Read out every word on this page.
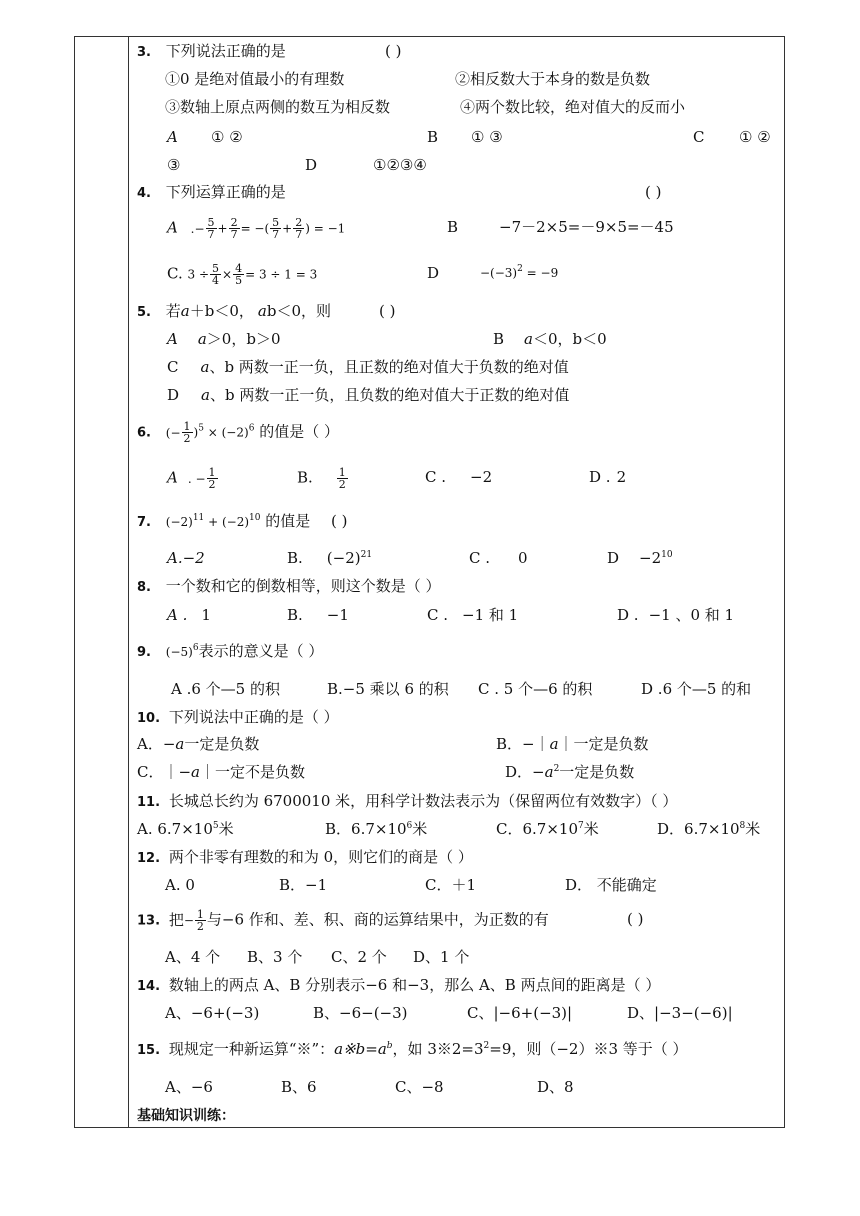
3. 下列说法正确的是	( )
①0 是绝对值最小的有理数	②相反数大于本身的数是负数
③数轴上原点两侧的数互为相反数	④两个数比较，绝对值大的反而小
A ① ②	B ① ③	C ① ②
③	D	①②③④
4. 下列运算正确的是	( )
A .− $\frac{5}{7} + \frac{2}{7}$ = −( $\frac{5}{7} + \frac{2}{7}$ ) = −1	B	−7－2×5=－9×5=－45
C. $3 \div \frac{5}{4} \times \frac{4}{5} = 3 \div 1 = 3$	D	$-(-3)^2 = -9$
5. 若a＋b＜0， ab＜0，则	( )
A a＞0，b＞0	B a＜0，b＜0
C a、b 两数一正一负，且正数的绝对值大于负数的绝对值
D a、b 两数一正一负，且负数的绝对值大于正数的绝对值
6. (− $\frac{1}{2} )^5 \times (-2)^6$ 的值是（ ）
A . − $\frac{1}{2}$	B. $\frac{1}{2}$	C . −2	D . 2
7. $(-2)^{11} + (-2)^{10}$ 的值是 ( )
A.−2	B. $(-2)^{21}$	C . 0	$D -2^{10}$
8. 一个数和它的倒数相等，则这个数是（ ）
A . 1	B. −1	C . −1 和 1	D . −1 、0 和 1
9. $(-5)^6$表示的意义是（ ）
A .6 个—5 的积	B.−5 乘以 6 的积 C . 5 个—6 的积	D .6 个—5 的和
10. 下列说法中正确的是（ ）
A．−a一定是负数	B．−｜a｜一定是负数
C．｜−a｜一定不是负数	D．$-a^2$一定是负数
11. 长城总长约为 6700010 米，用科学计数法表示为（保留两位有效数字）（ ）
A. $6.7\times 10^5$米	B．$6.7\times 10^6$米	C．$6.7\times 10^7$米	D．$6.7\times 10^8$米
12. 两个非零有理数的和为 0，则它们的商是（ ）
A. 0	B．−1	C．＋1	D． 不能确定
13. 把− $\frac{1}{2}$ 与−6 作和、差、积、商的运算结果中，为正数的有	( )
A、4 个 B、3 个 C、2 个 D、1 个
14. 数轴上的两点 A、B 分别表示−6 和−3，那么 A、B 两点间的距离是（ ）
A、−6+(−3)	B、−6−(−3)	C、|−6+(−3)|	D、|−3−(−6)|
15. 现规定一种新运算“※”：$a※b=a^b$，如 $3※2=3^2=9$，则（−2）※3 等于（ ）
A、−6	B、6	C、−8	D、8
基础知识训练：
